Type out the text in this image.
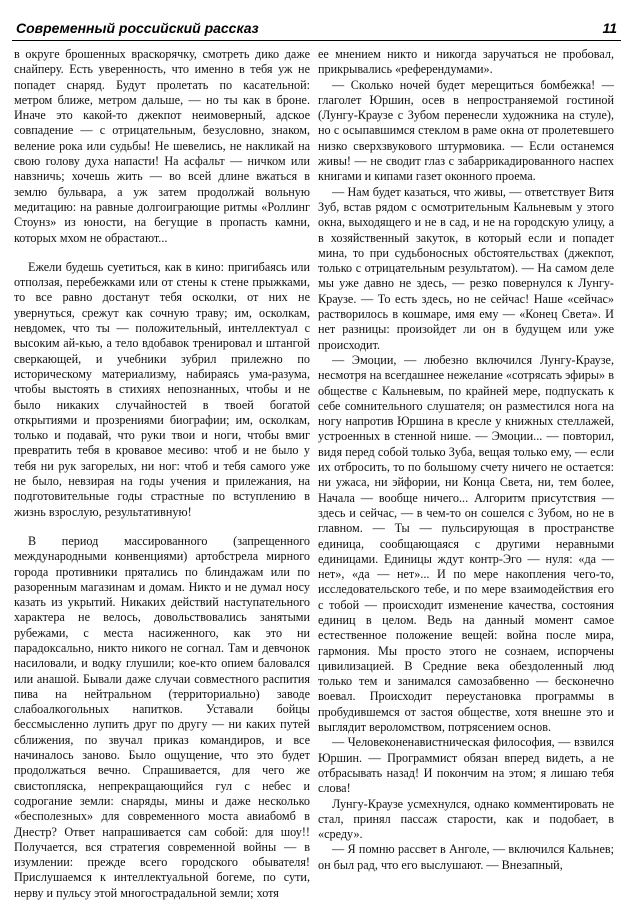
Современный российский рассказ	11

в округе брошенных враскорячку, смотреть дико даже снайперу. Есть уверенность, что именно в тебя уж не попадет снаряд. Будут пролетать по касательной: метром ближе, метром дальше, — но ты как в броне. Иначе это какой-то джекпот неимоверный, адское совпадение — с отрицательным, безусловно, знаком, веление рока или судьбы! Не шевелись, не накликай на свою голову духа напасти! На асфальт — ничком или навзничь; хочешь жить — во всей длине вжаться в землю бульвара, а уж затем продолжай вольную медитацию: на равные долгоиграющие ритмы «Роллинг Стоунз» из юности, на бегущие в пропасть камни, которых мхом не обрастают...

Ежели будешь суетиться, как в кино: пригибаясь или отползая, перебежками или от стены к стене прыжками, то все равно достанут тебя осколки, от них не увернуться, срежут как сочную траву; им, осколкам, невдомек, что ты — положительный, интеллектуал с высоким ай-кью, а тело вдобавок тренировал и штангой сверкающей, и учебники зубрил прилежно по историческому материализму, набираясь ума-разума, чтобы выстоять в стихиях непознанных, чтобы и не было никаких случайностей в твоей богатой открытиями и прозрениями биографии; им, осколкам, только и подавай, что руки твои и ноги, чтобы вмиг превратить тебя в кровавое месиво: чтоб и не было у тебя ни рук загорелых, ни ног: чтоб и тебя самого уже не было, невзирая на годы учения и прилежания, на подготовительные годы страстные по вступлению в жизнь взрослую, результативную!

В период массированного (запрещенного международными конвенциями) артобстрела мирного города противники прятались по блиндажам или по разоренным магазинам и домам. Никто и не думал носу казать из укрытий. Никаких действий наступательного характера не велось, довольствовались занятыми рубежами, с места насиженного, как это ни парадоксально, никто никого не согнал. Там и девчонок насиловали, и водку глушили; кое-кто опием баловался или анашой. Бывали даже случаи совместного распития пива на нейтральном (территориально) заводе слабоалкогольных напитков. Уставали бойцы бессмысленно лупить друг по другу — ни каких путей сближения, по звучал приказ командиров, и все начиналось заново. Было ощущение, что это будет продолжаться вечно. Спрашивается, для чего же свистопляска, непрекращающийся гул с небес и содрогание земли: снаряды, мины и даже несколько «бесполезных» для современного моста авиабомб в Днестр? Ответ напрашивается сам собой: для шоу!! Получается, вся стратегия современной войны — в изумлении: прежде всего городского обывателя! Прислушаемся к интеллектуальной богеме, по сути, нерву и пульсу этой многострадальной земли; хотя

ее мнением никто и никогда заручаться не пробовал, прикрывались «референдумами».

— Сколько ночей будет мерещиться бомбежка! — глаголет Юршин, осев в непространяемой гостиной (Лунгу-Краузе с Зубом перенесли художника на стуле), но с осыпавшимся стеклом в раме окна от пролетевшего низко сверхзвукового штурмовика. — Если останемся живы! — не сводит глаз с забаррикадированного наспех книгами и кипами газет оконного проема.

— Нам будет казаться, что живы, — ответствует Витя Зуб, встав рядом с осмотрительным Кальневым у этого окна, выходящего и не в сад, и не на городскую улицу, а в хозяйственный закуток, в который если и попадет мина, то при судьбоносных обстоятельствах (джекпот, только с отрицательным результатом). — На самом деле мы уже давно не здесь, — резко повернулся к Лунгу-Краузе. — То есть здесь, но не сейчас! Наше «сейчас» растворилось в кошмаре, имя ему — «Конец Света». И нет разницы: произойдет ли он в будущем или уже происходит.

— Эмоции, — любезно включился Лунгу-Краузе, несмотря на всегдашнее нежелание «сотрясать эфиры» в обществе с Кальневым, по крайней мере, подпускать к себе сомнительного слушателя; он разместился нога на ногу напротив Юршина в кресле у книжных стеллажей, устроенных в стенной нише. — Эмоции... — повторил, видя перед собой только Зуба, вещая только ему, — если их отбросить, то по большому счету ничего не остается: ни ужаса, ни эйфории, ни Конца Света, ни, тем более, Начала — вообще ничего... Алгоритм присутствия — здесь и сейчас, — в чем-то он сошелся с Зубом, но не в главном. — Ты — пульсирующая в пространстве единица, сообщающаяся с другими неравными единицами. Единицы ждут контр-Эго — нуля: «да — нет», «да — нет»... И по мере накопления чего-то, исследовательского тебе, и по мере взаимодействия его с тобой — происходит изменение качества, состояния единиц в целом. Ведь на данный момент самое естественное положение вещей: война после мира, гармония. Мы просто этого не сознаем, испорчены цивилизацией. В Средние века обездоленный люд только тем и занимался самозабвенно — бесконечно воевал. Происходит переустановка программы в пробудившемся от застоя обществе, хотя внешне это и выглядит вероломством, потрясением основ.

— Человеконенавистническая философия, — взвился Юршин. — Программист обязан вперед видеть, а не отбрасывать назад! И покончим на этом; я лишаю тебя слова!

Лунгу-Краузе усмехнулся, однако комментировать не стал, принял пассаж старости, как и подобает, в «среду».

— Я помню рассвет в Анголе, — включился Кальнев; он был рад, что его выслушают. — Внезапный,
